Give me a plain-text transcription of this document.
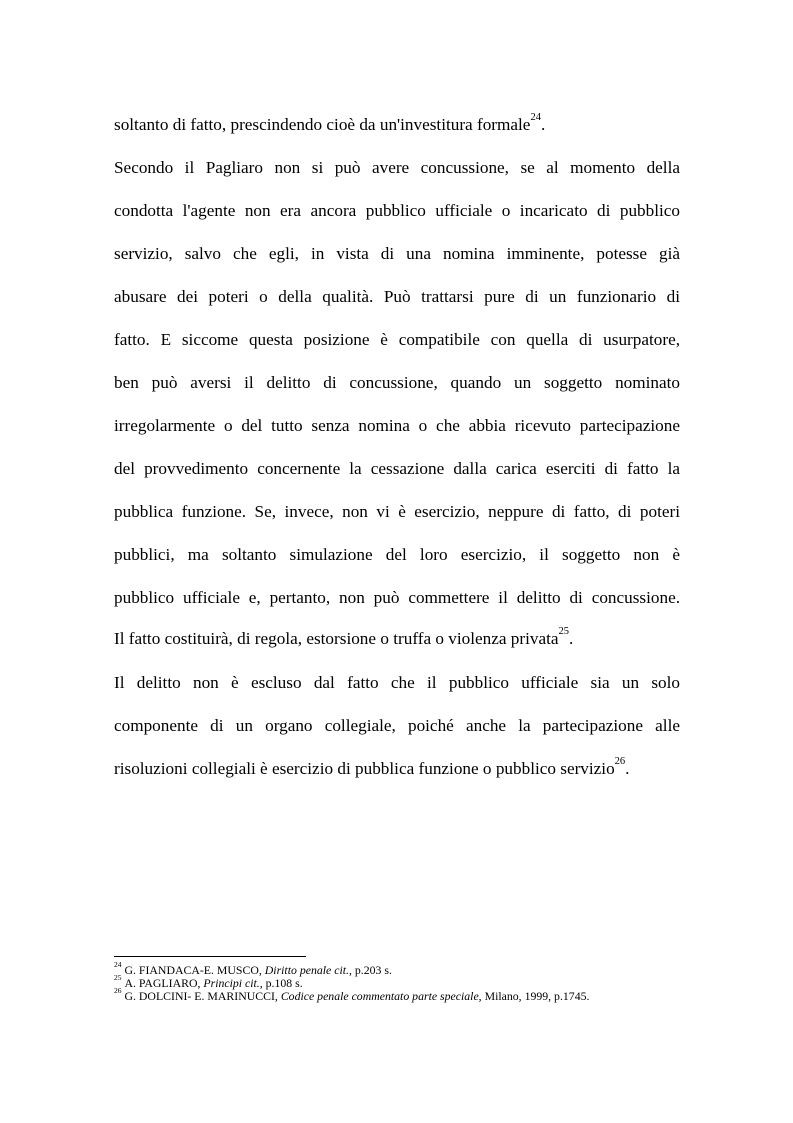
soltanto di fatto, prescindendo cioè da un'investitura formale$^{24}$.
Secondo il Pagliaro non si può avere concussione, se al momento della
condotta l'agente non era ancora pubblico ufficiale o incaricato di pubblico
servizio, salvo che egli, in vista di una nomina imminente, potesse già
abusare dei poteri o della qualità. Può trattarsi pure di un funzionario di
fatto. E siccome questa posizione è compatibile con quella di usurpatore,
ben può aversi il delitto di concussione, quando un soggetto nominato
irregolarmente o del tutto senza nomina o che abbia ricevuto partecipazione
del provvedimento concernente la cessazione dalla carica eserciti di fatto la
pubblica funzione. Se, invece, non vi è esercizio, neppure di fatto, di poteri
pubblici, ma soltanto simulazione del loro esercizio, il soggetto non è
pubblico ufficiale e, pertanto, non può commettere il delitto di concussione.
Il fatto costituirà, di regola, estorsione o truffa o violenza privata$^{25}$.
Il delitto non è escluso dal fatto che il pubblico ufficiale sia un solo
componente di un organo collegiale, poiché anche la partecipazione alle
risoluzioni collegiali è esercizio di pubblica funzione o pubblico servizio$^{26}$.
$^{24}$ G. FIANDACA-E. MUSCO, Diritto penale cit., p.203 s.
$^{25}$ A. PAGLIARO, Principi cit., p.108 s.
$^{26}$ G. DOLCINI- E. MARINUCCI, Codice penale commentato parte speciale, Milano, 1999, p.1745.
